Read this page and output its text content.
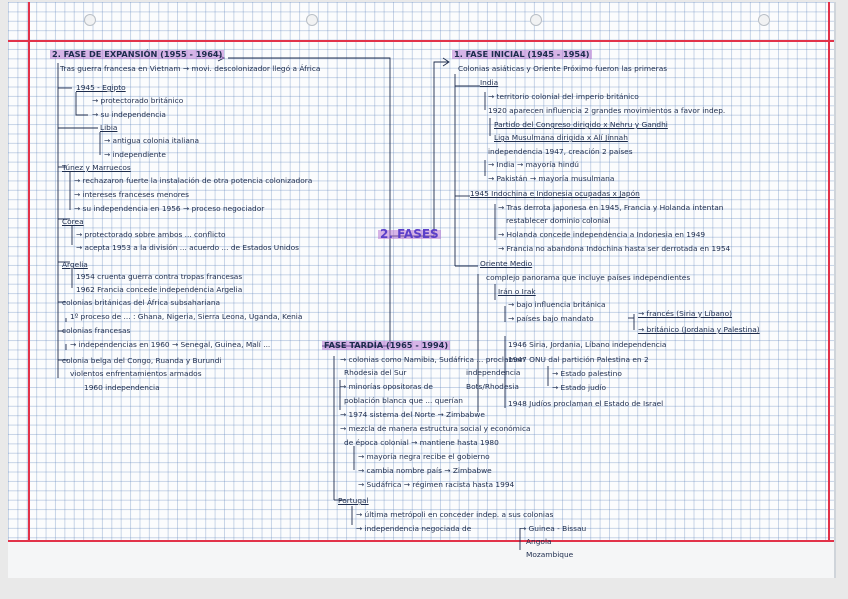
2. FASE DE EXPANSIÓN (1955 - 1964)
Tras guerra francesa en Vietnam → movi. descolonizador llegó a África
1945 - Egipto
→ protectorado británico
→ su independencia
Libia
→ antigua colonia italiana
→ independiente
Túnez y Marruecos
→ rechazaron fuerte la instalación de otra potencia colonizadora
→ intereses franceses menores
→ su independencia en 1956 → proceso negociador
Corea
→ protectorado sobre ambos ... conflicto
→ acepta 1953 a la división ... acuerdo ... de Estados Unidos
Argelia
1954 cruenta guerra contra tropas francesas
1962 Francia concede independencia Argelia
colonias británicas del África subsahariana
1º proceso de ... : Ghana, Nigeria, Sierra Leona, Uganda, Kenia
colonias francesas
→ independencias en 1960 → Senegal, Guinea, Malí ...
colonia belga del Congo, Ruanda y Burundi
violentos enfrentamientos armados
1960 independencia
2. FASES
1. FASE INICIAL (1945 - 1954)
Colonias asiáticas y Oriente Próximo fueron las primeras
India
→ territorio colonial del imperio británico
1920 aparecen influencia 2 grandes movimientos a favor indep.
Partido del Congreso dirigido x Nehru y Gandhi
Liga Musulmana dirigida x Alí Jinnah
independencia 1947, creación 2 países
→ India → mayoría hindú
→ Pakistán → mayoría musulmana
1945 Indochina e Indonesia ocupadas x Japón
→ Tras derrota japonesa en 1945, Francia y Holanda intentan
restablecer dominio colonial
→ Holanda concede independencia a Indonesia en 1949
→ Francia no abandona Indochina hasta ser derrotada en 1954
Oriente Medio
complejo panorama que incluye países independientes
Irán o Irak
→ bajo influencia británica
→ países bajo mandato
→ francés (Siria y Líbano)
→ británico (Jordania y Palestina)
1946 Siria, Jordania, Líbano independencia
1947 ONU dal partición Palestina en 2
→ Estado palestino
→ Estado judío
1948 Judíos proclaman el Estado de Israel
FASE TARDÍA (1965 - 1994)
→ colonias como Namibia, Sudáfrica ... proclaman
Rhodesia del Sur	independencia
→ minorías opositoras de	Bots/Rhodesia
población blanca que ... querían
→ 1974 sistema del Norte → Zimbabwe
→ mezcla de manera estructura social y económica
de época colonial → mantiene hasta 1980
→ mayoría negra recibe el gobierno
→ cambia nombre país → Zimbabwe
→ Sudáfrica → régimen racista hasta 1994
Portugal
→ última metrópoli en conceder indep. a sus colonias
→ independencia negociada de	→ Guinea - Bissau
Angola
Mozambique
